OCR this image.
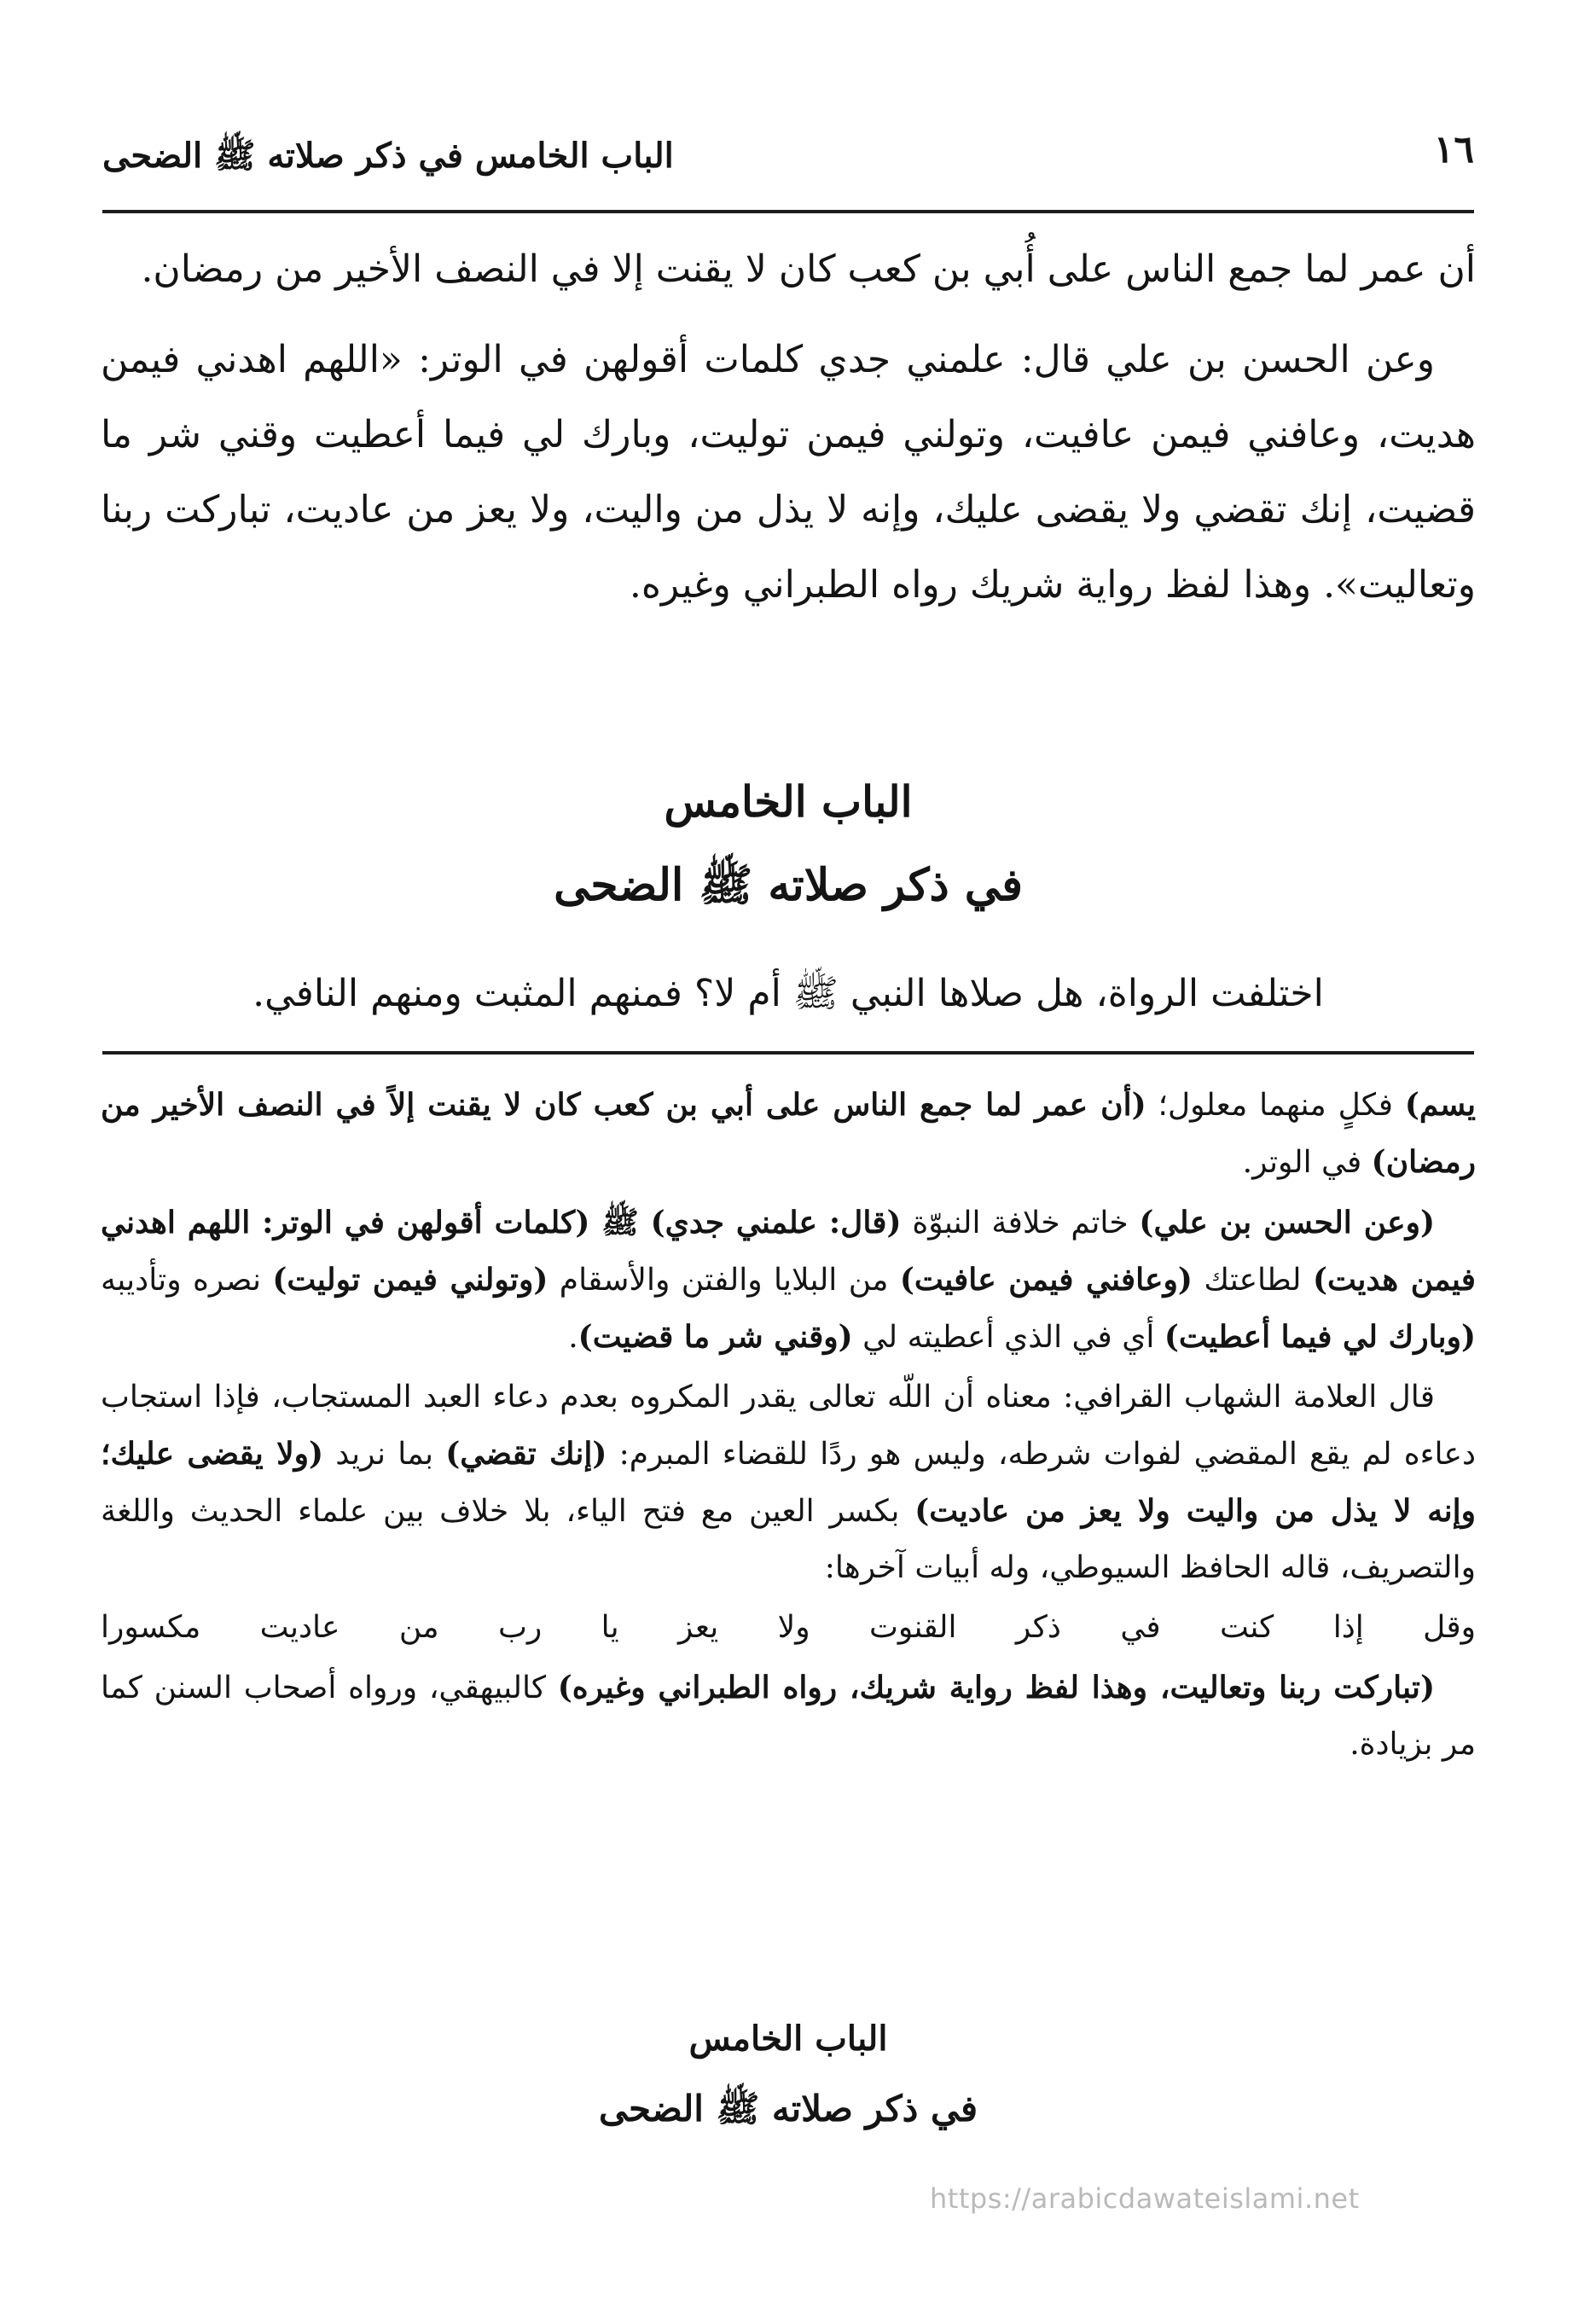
١٦
الباب الخامس في ذكر صلاته ﷺ الضحى

أن عمر لما جمع الناس على أُبي بن كعب كان لا يقنت إلا في النصف الأخير من رمضان.

وعن الحسن بن علي قال: علمني جدي كلمات أقولهن في الوتر: «اللهم اهدني فيمن هديت، وعافني فيمن عافيت، وتولني فيمن توليت، وبارك لي فيما أعطيت وقني شر ما قضيت، إنك تقضي ولا يقضى عليك، وإنه لا يذل من واليت، ولا يعز من عاديت، تباركت ربنا وتعاليت». وهذا لفظ رواية شريك رواه الطبراني وغيره.

الباب الخامس
في ذكر صلاته ﷺ الضحى
اختلفت الرواة، هل صلاها النبي ﷺ أم لا؟ فمنهم المثبت ومنهم النافي.

يسم) فكلٍ منهما معلول؛ (أن عمر لما جمع الناس على أبي بن كعب كان لا يقنت إلاً في النصف الأخير من رمضان) في الوتر.

(وعن الحسن بن علي) خاتم خلافة النبوّة (قال: علمني جدي) ﷺ (كلمات أقولهن في الوتر: اللهم اهدني فيمن هديت) لطاعتك (وعافني فيمن عافيت) من البلايا والفتن والأسقام (وتولني فيمن توليت) نصره وتأديبه (وبارك لي فيما أعطيت) أي في الذي أعطيته لي (وقني شر ما قضيت).

قال العلامة الشهاب القرافي: معناه أن اللّه تعالى يقدر المكروه بعدم دعاء العبد المستجاب، فإذا استجاب دعاءه لم يقع المقضي لفوات شرطه، وليس هو ردًا للقضاء المبرم: (إنك تقضي) بما نريد (ولا يقضى عليك؛ وإنه لا يذل من واليت ولا يعز من عاديت) بكسر العين مع فتح الياء، بلا خلاف بين علماء الحديث واللغة والتصريف، قاله الحافظ السيوطي، وله أبيات آخرها:

وقل إذا كنت في ذكر القنوت ولا يعز يا رب من عاديت مكسورا

(تباركت ربنا وتعاليت، وهذا لفظ رواية شريك، رواه الطبراني وغيره) كالبيهقي، ورواه أصحاب السنن كما مر بزيادة.

الباب الخامس
في ذكر صلاته ﷺ الضحى
https://arabicdawateislami.net
